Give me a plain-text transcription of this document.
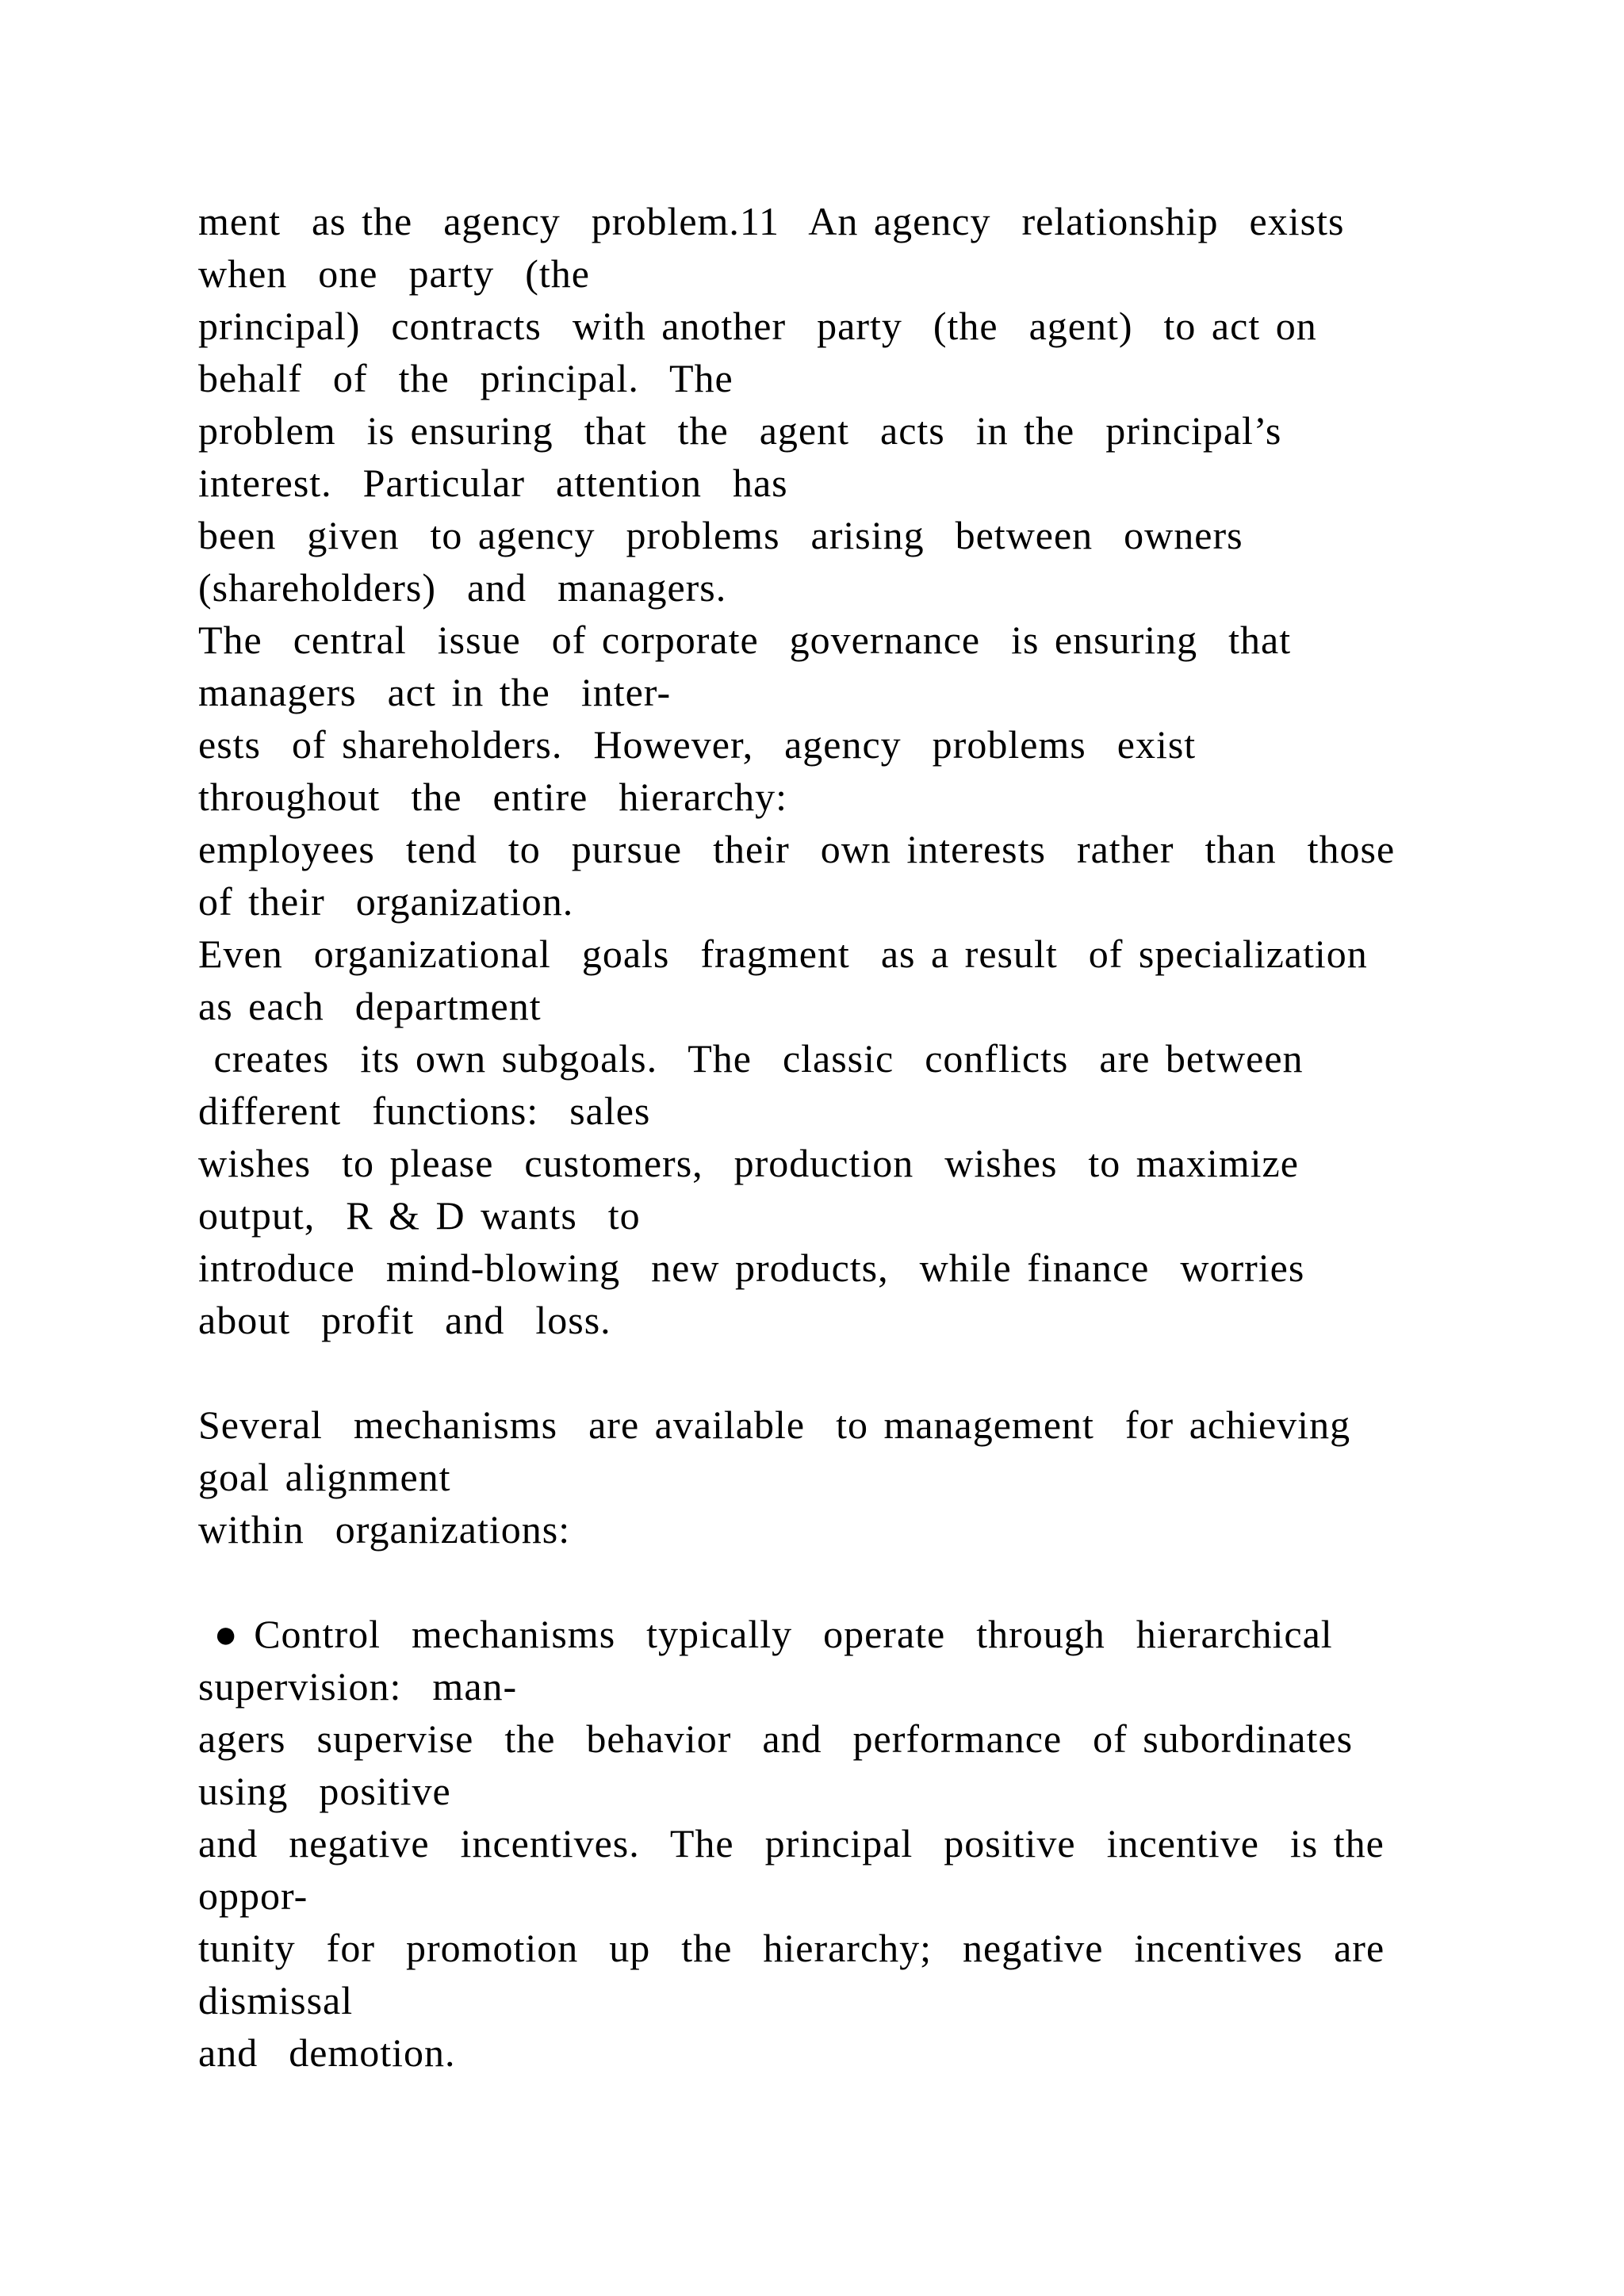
ment  as the  agency  problem.11  An agency  relationship  exists
when  one  party  (the
principal)  contracts  with another  party  (the  agent)  to act on
behalf  of  the  principal.  The
problem  is ensuring  that  the  agent  acts  in the  principal’s
interest.  Particular  attention  has
been  given  to agency  problems  arising  between  owners
(shareholders)  and  managers.
The  central  issue  of corporate  governance  is ensuring  that
managers  act in the  inter-
ests  of shareholders.  However,  agency  problems  exist
throughout  the  entire  hierarchy:
employees  tend  to  pursue  their  own interests  rather  than  those
of their  organization.
Even  organizational  goals  fragment  as a result  of specialization
as each  department
creates  its own subgoals.  The  classic  conflicts  are between
different  functions:  sales
wishes  to please  customers,  production  wishes  to maximize
output,  R & D wants  to
introduce  mind-blowing  new products,  while finance  worries
about  profit  and  loss.
Several  mechanisms  are available  to management  for achieving
goal alignment
within  organizations:
● Control  mechanisms  typically  operate  through  hierarchical
supervision:  man-
agers  supervise  the  behavior  and  performance  of subordinates
using  positive
and  negative  incentives.  The  principal  positive  incentive  is the
oppor-
tunity  for  promotion  up  the  hierarchy;  negative  incentives  are
dismissal
and  demotion.
